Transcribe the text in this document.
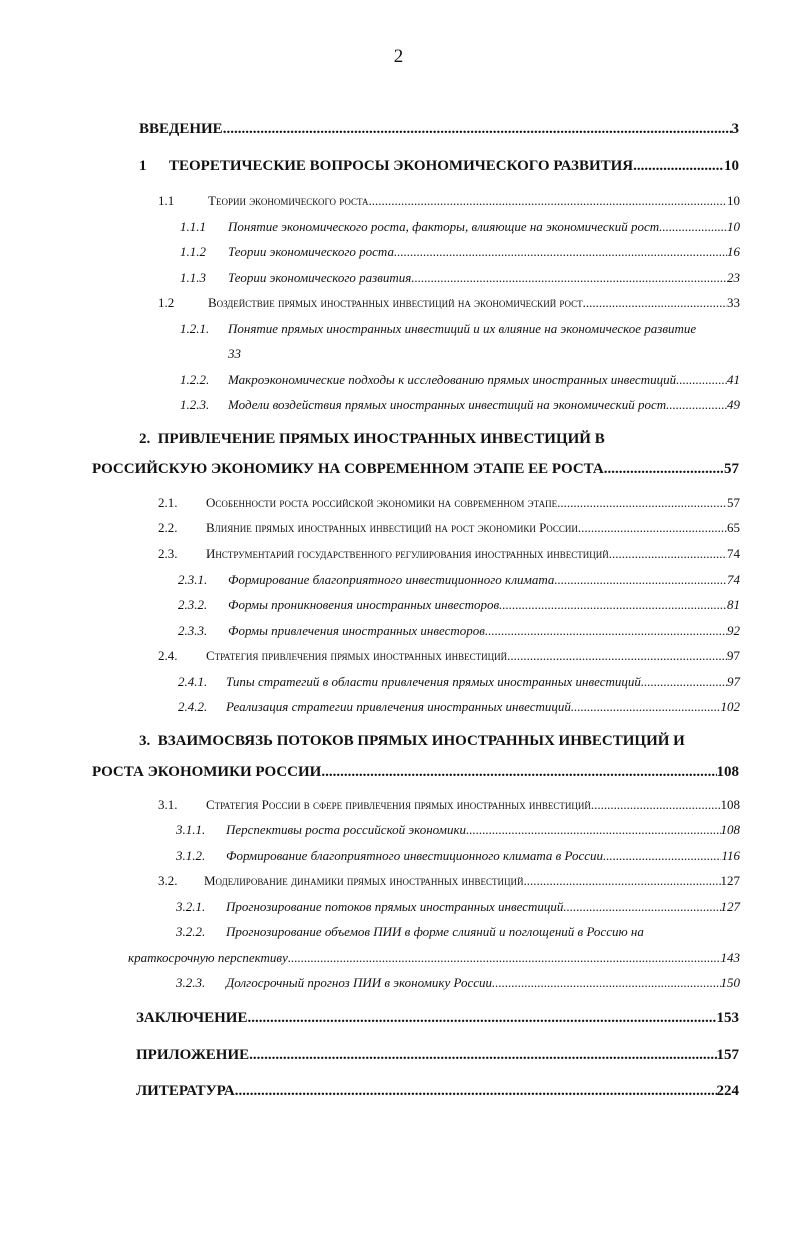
2
ВВЕДЕНИЕ .....	3
1	ТЕОРЕТИЧЕСКИЕ ВОПРОСЫ ЭКОНОМИЧЕСКОГО РАЗВИТИЯ .....	10
1.1	Теории экономического роста .....	10
1.1.1	Понятие экономического роста, факторы, влияющие на экономический рост .....	10
1.1.2	Теории экономического роста .....	16
1.1.3	Теории экономического развития .....	23
1.2	Воздействие прямых иностранных инвестиций на экономический рост .....	33
1.2.1.	Понятие прямых иностранных инвестиций и их влияние на экономическое развитие
33
1.2.2.	Макроэкономические подходы к исследованию прямых иностранных инвестиций .....	41
1.2.3.	Модели воздействия прямых иностранных инвестиций на экономический рост .....	49
2.  ПРИВЛЕЧЕНИЕ ПРЯМЫХ ИНОСТРАННЫХ ИНВЕСТИЦИЙ В
РОССИЙСКУЮ ЭКОНОМИКУ НА СОВРЕМЕННОМ ЭТАПЕ ЕЕ РОСТА .....	57
2.1.	Особенности роста российской экономики на современном этапе .....	57
2.2.	Влияние прямых иностранных инвестиций на рост экономики России .....	65
2.3.	Инструментарий государственного регулирования иностранных инвестиций .....	74
2.3.1.	Формирование благоприятного инвестиционного климата .....	74
2.3.2.	Формы проникновения иностранных инвесторов .....	81
2.3.3.	Формы привлечения иностранных инвесторов .....	92
2.4.	Стратегия привлечения прямых иностранных инвестиций .....	97
2.4.1.	Типы стратегий в области привлечения прямых иностранных инвестиций .....	97
2.4.2.	Реализация стратегии привлечения иностранных инвестиций .....	102
3.  ВЗАИМОСВЯЗЬ ПОТОКОВ ПРЯМЫХ ИНОСТРАННЫХ ИНВЕСТИЦИЙ И
РОСТА ЭКОНОМИКИ РОССИИ .....	108
3.1.	Стратегия России в сфере привлечения прямых иностранных инвестиций .....	108
3.1.1.	Перспективы роста российской экономики .....	108
3.1.2.	Формирование благоприятного инвестиционного климата в России .....	116
3.2.	Моделирование динамики прямых иностранных инвестиций .....	127
3.2.1.	Прогнозирование потоков прямых иностранных инвестиций .....	127
3.2.2.	Прогнозирование объемов ПИИ в форме слияний и поглощений в Россию на
краткосрочную перспективу .....	143
3.2.3.	Долгосрочный прогноз ПИИ в экономику России .....	150
ЗАКЛЮЧЕНИЕ .....	153
ПРИЛОЖЕНИЕ .....	157
ЛИТЕРАТУРА .....	224
